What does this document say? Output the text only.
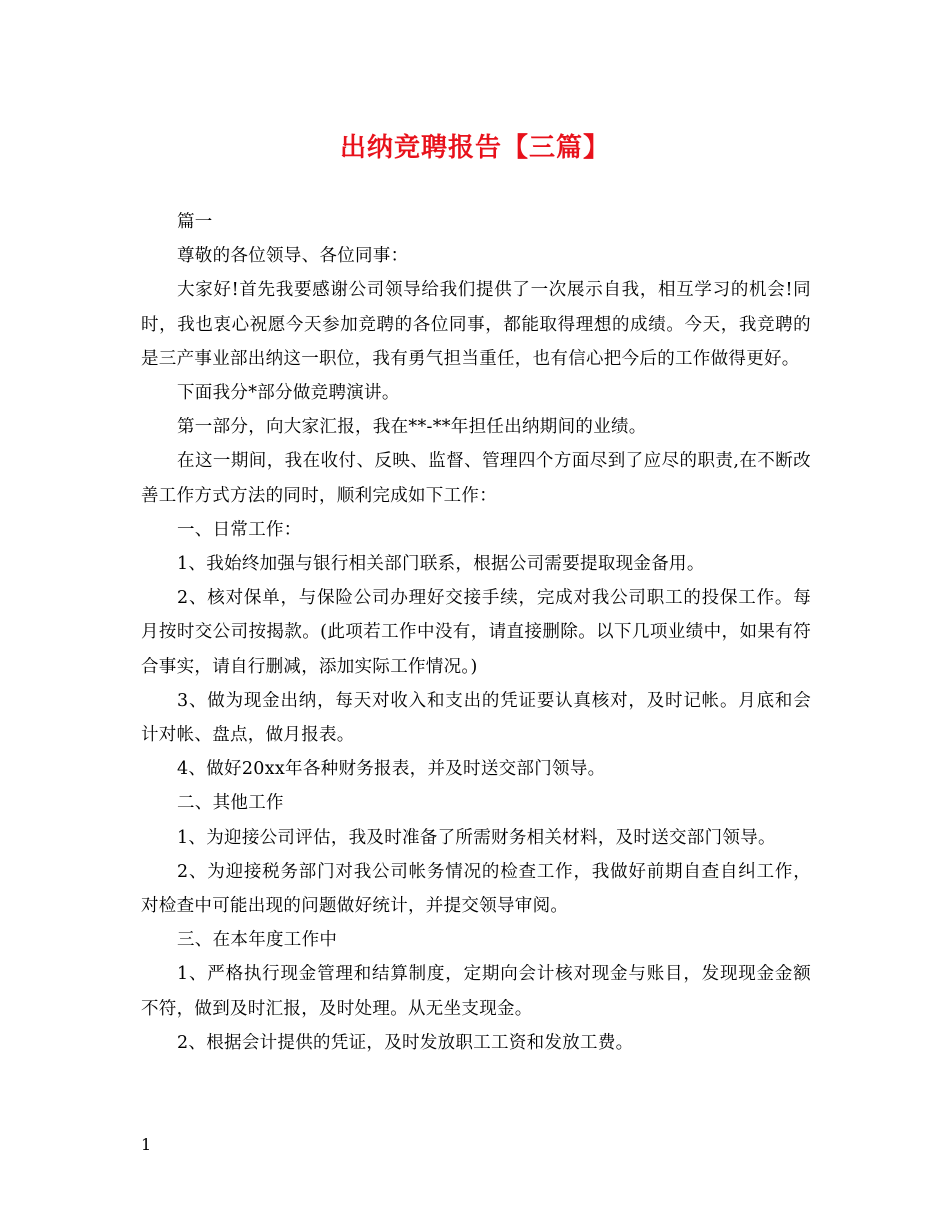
出纳竞聘报告【三篇】

篇一

尊敬的各位领导、各位同事：

大家好!首先我要感谢公司领导给我们提供了一次展示自我，相互学习的机会!同时，我也衷心祝愿今天参加竞聘的各位同事，都能取得理想的成绩。今天，我竞聘的是三产事业部出纳这一职位，我有勇气担当重任，也有信心把今后的工作做得更好。

下面我分*部分做竞聘演讲。

第一部分，向大家汇报，我在**-**年担任出纳期间的业绩。

在这一期间，我在收付、反映、监督、管理四个方面尽到了应尽的职责,在不断改善工作方式方法的同时，顺利完成如下工作：

一、日常工作：

1、我始终加强与银行相关部门联系，根据公司需要提取现金备用。

2、核对保单，与保险公司办理好交接手续，完成对我公司职工的投保工作。每月按时交公司按揭款。(此项若工作中没有，请直接删除。以下几项业绩中，如果有符合事实，请自行删减，添加实际工作情况。)

3、做为现金出纳，每天对收入和支出的凭证要认真核对，及时记帐。月底和会计对帐、盘点，做月报表。

4、做好20xx年各种财务报表，并及时送交部门领导。

二、其他工作

1、为迎接公司评估，我及时准备了所需财务相关材料，及时送交部门领导。

2、为迎接税务部门对我公司帐务情况的检查工作，我做好前期自查自纠工作，对检查中可能出现的问题做好统计，并提交领导审阅。

三、在本年度工作中

1、严格执行现金管理和结算制度，定期向会计核对现金与账目，发现现金金额不符，做到及时汇报，及时处理。从无坐支现金。

2、根据会计提供的凭证，及时发放职工工资和发放工费。

1
